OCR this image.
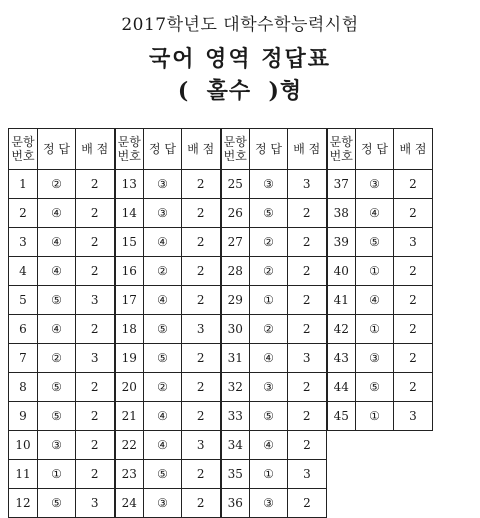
2017학년도 대학수학능력시험
국어 영역 정답표
(  홀수  )형
문항 번호	정 답	배 점	문항 번호	정 답	배 점	문항 번호	정 답	배 점	문항 번호	정 답	배 점
1	②	2	13	③	2	25	③	3	37	③	2
2	④	2	14	③	2	26	⑤	2	38	④	2
3	④	2	15	④	2	27	②	2	39	⑤	3
4	④	2	16	②	2	28	②	2	40	①	2
5	⑤	3	17	④	2	29	①	2	41	④	2
6	④	2	18	⑤	3	30	②	2	42	①	2
7	②	3	19	⑤	2	31	④	3	43	③	2
8	⑤	2	20	②	2	32	③	2	44	⑤	2
9	⑤	2	21	④	2	33	⑤	2	45	①	3
10	③	2	22	④	3	34	④	2			
11	①	2	23	⑤	2	35	①	3			
12	⑤	3	24	③	2	36	③	2			
